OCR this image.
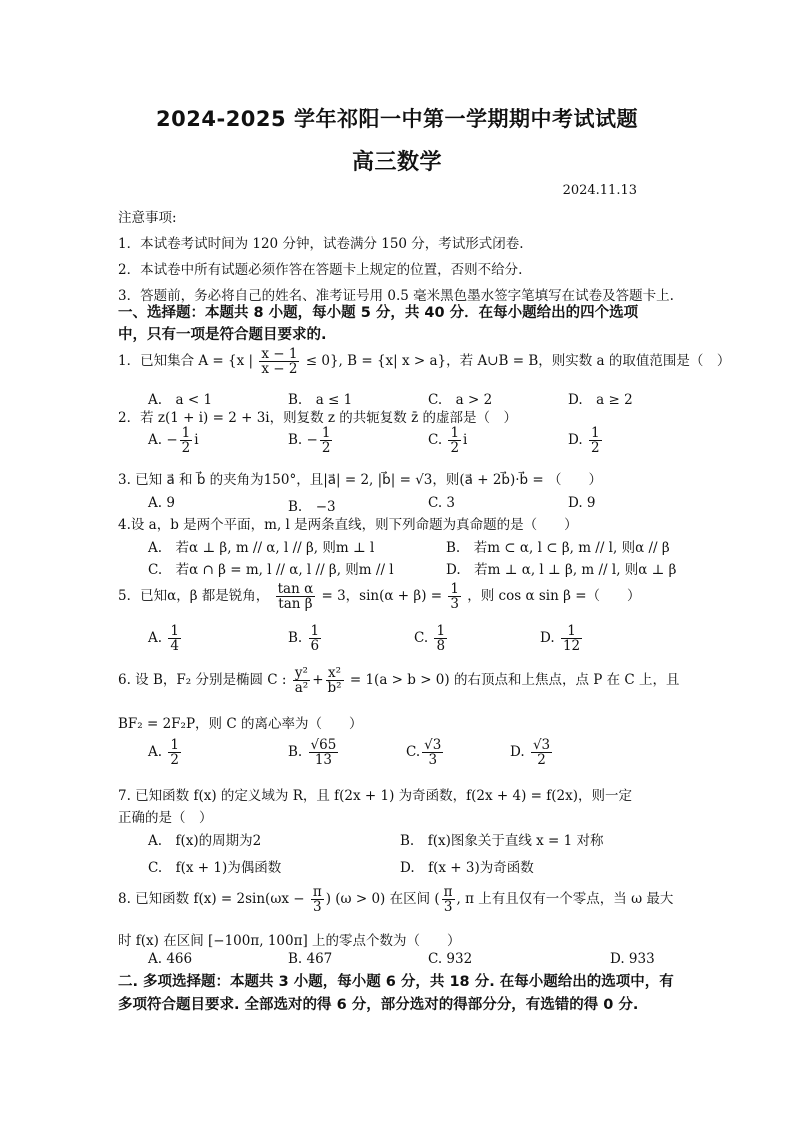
2024-2025 学年祁阳一中第一学期期中考试试题
高三数学
2024.11.13
注意事项:
1．本试卷考试时间为 120 分钟，试卷满分 150 分，考试形式闭卷.
2．本试卷中所有试题必须作答在答题卡上规定的位置，否则不给分.
3．答题前，务必将自己的姓名、准考证号用 0.5 毫米黑色墨水签字笔填写在试卷及答题卡上.
一、选择题：本题共 8 小题，每小题 5 分，共 40 分．在每小题给出的四个选项
中，只有一项是符合题目要求的.
1．已知集合 A = {x | $\frac{x - 1}{x - 2} \le 0$}, B = {x| x > a}，若 A∪B = B，则实数 a 的取值范围是（　）
A.　a < 1	B.　a ≤ 1	C.　a > 2	D.　a ≥ 2
2．若 z(1 + i) = 2 + 3i，则复数 z 的共轭复数 z̄ 的虚部是（　）
A. − $\frac{1}{2}$ i	B. − $\frac{1}{2}$	C. $\frac{1}{2}$ i	D. $\frac{1}{2}$
3. 已知 a⃗ 和 b⃗ 的夹角为150°，且|a⃗| = 2, |b⃗| = √3，则(a⃗ + 2b⃗)·b⃗ = （　　）
A. 9	B.　−3	C. 3	D. 9
4.设 a，b 是两个平面，m, l 是两条直线，则下列命题为真命题的是（　　）
A.　若α ⊥ β, m // α, l // β, 则m ⊥ l	B.　若m ⊂ α, l ⊂ β, m // l, 则α // β
C.　若α ∩ β = m, l // α, l // β, 则m // l	D.　若m ⊥ α, l ⊥ β, m // l, 则α ⊥ β
5．已知α，β 都是锐角， $\frac{\text{tan α}}{\text{tan β}} = 3$，$\sin(\alpha + \beta) = \frac{1}{3}$ ，则 cos α sin β =（　　）
A. $\frac{1}{4}$	B. $\frac{1}{6}$	C. $\frac{1}{8}$	D. $\frac{1}{12}$
6. 设 B，F₂ 分别是椭圆 C : $\frac{\text{y²}}{\text{a²}} + \frac{\text{x²}}{\text{b²}} = 1(a > b > 0)$ 的右顶点和上焦点，点 P 在 C 上，且
BF₂ = 2F₂P，则 C 的离心率为（　　）
A. $\frac{1}{2}$	B. $\frac{√65}{13}$	C. $\frac{√3}{3}$	D. $\frac{√3}{2}$
7. 已知函数 f(x) 的定义域为 R，且 f(2x + 1) 为奇函数，f(2x + 4) = f(2x)，则一定
正确的是（　）
A.　f(x)的周期为2	B.　f(x)图象关于直线 x = 1 对称
C.　f(x + 1)为偶函数	D.　f(x + 3)为奇函数
8. 已知函数 $f(x) = 2\sin(\omega x - \frac{\pi}{3}$ ) (ω > 0) 在区间 ( $\frac{\pi}{3}$ , π 上有且仅有一个零点，当 ω 最大
时 f(x) 在区间 [−100π, 100π] 上的零点个数为（　　）
A. 466	B. 467	C. 932	D. 933
二. 多项选择题：本题共 3 小题，每小题 6 分，共 18 分. 在每小题给出的选项中，有
多项符合题目要求. 全部选对的得 6 分，部分选对的得部分分，有选错的得 0 分.
